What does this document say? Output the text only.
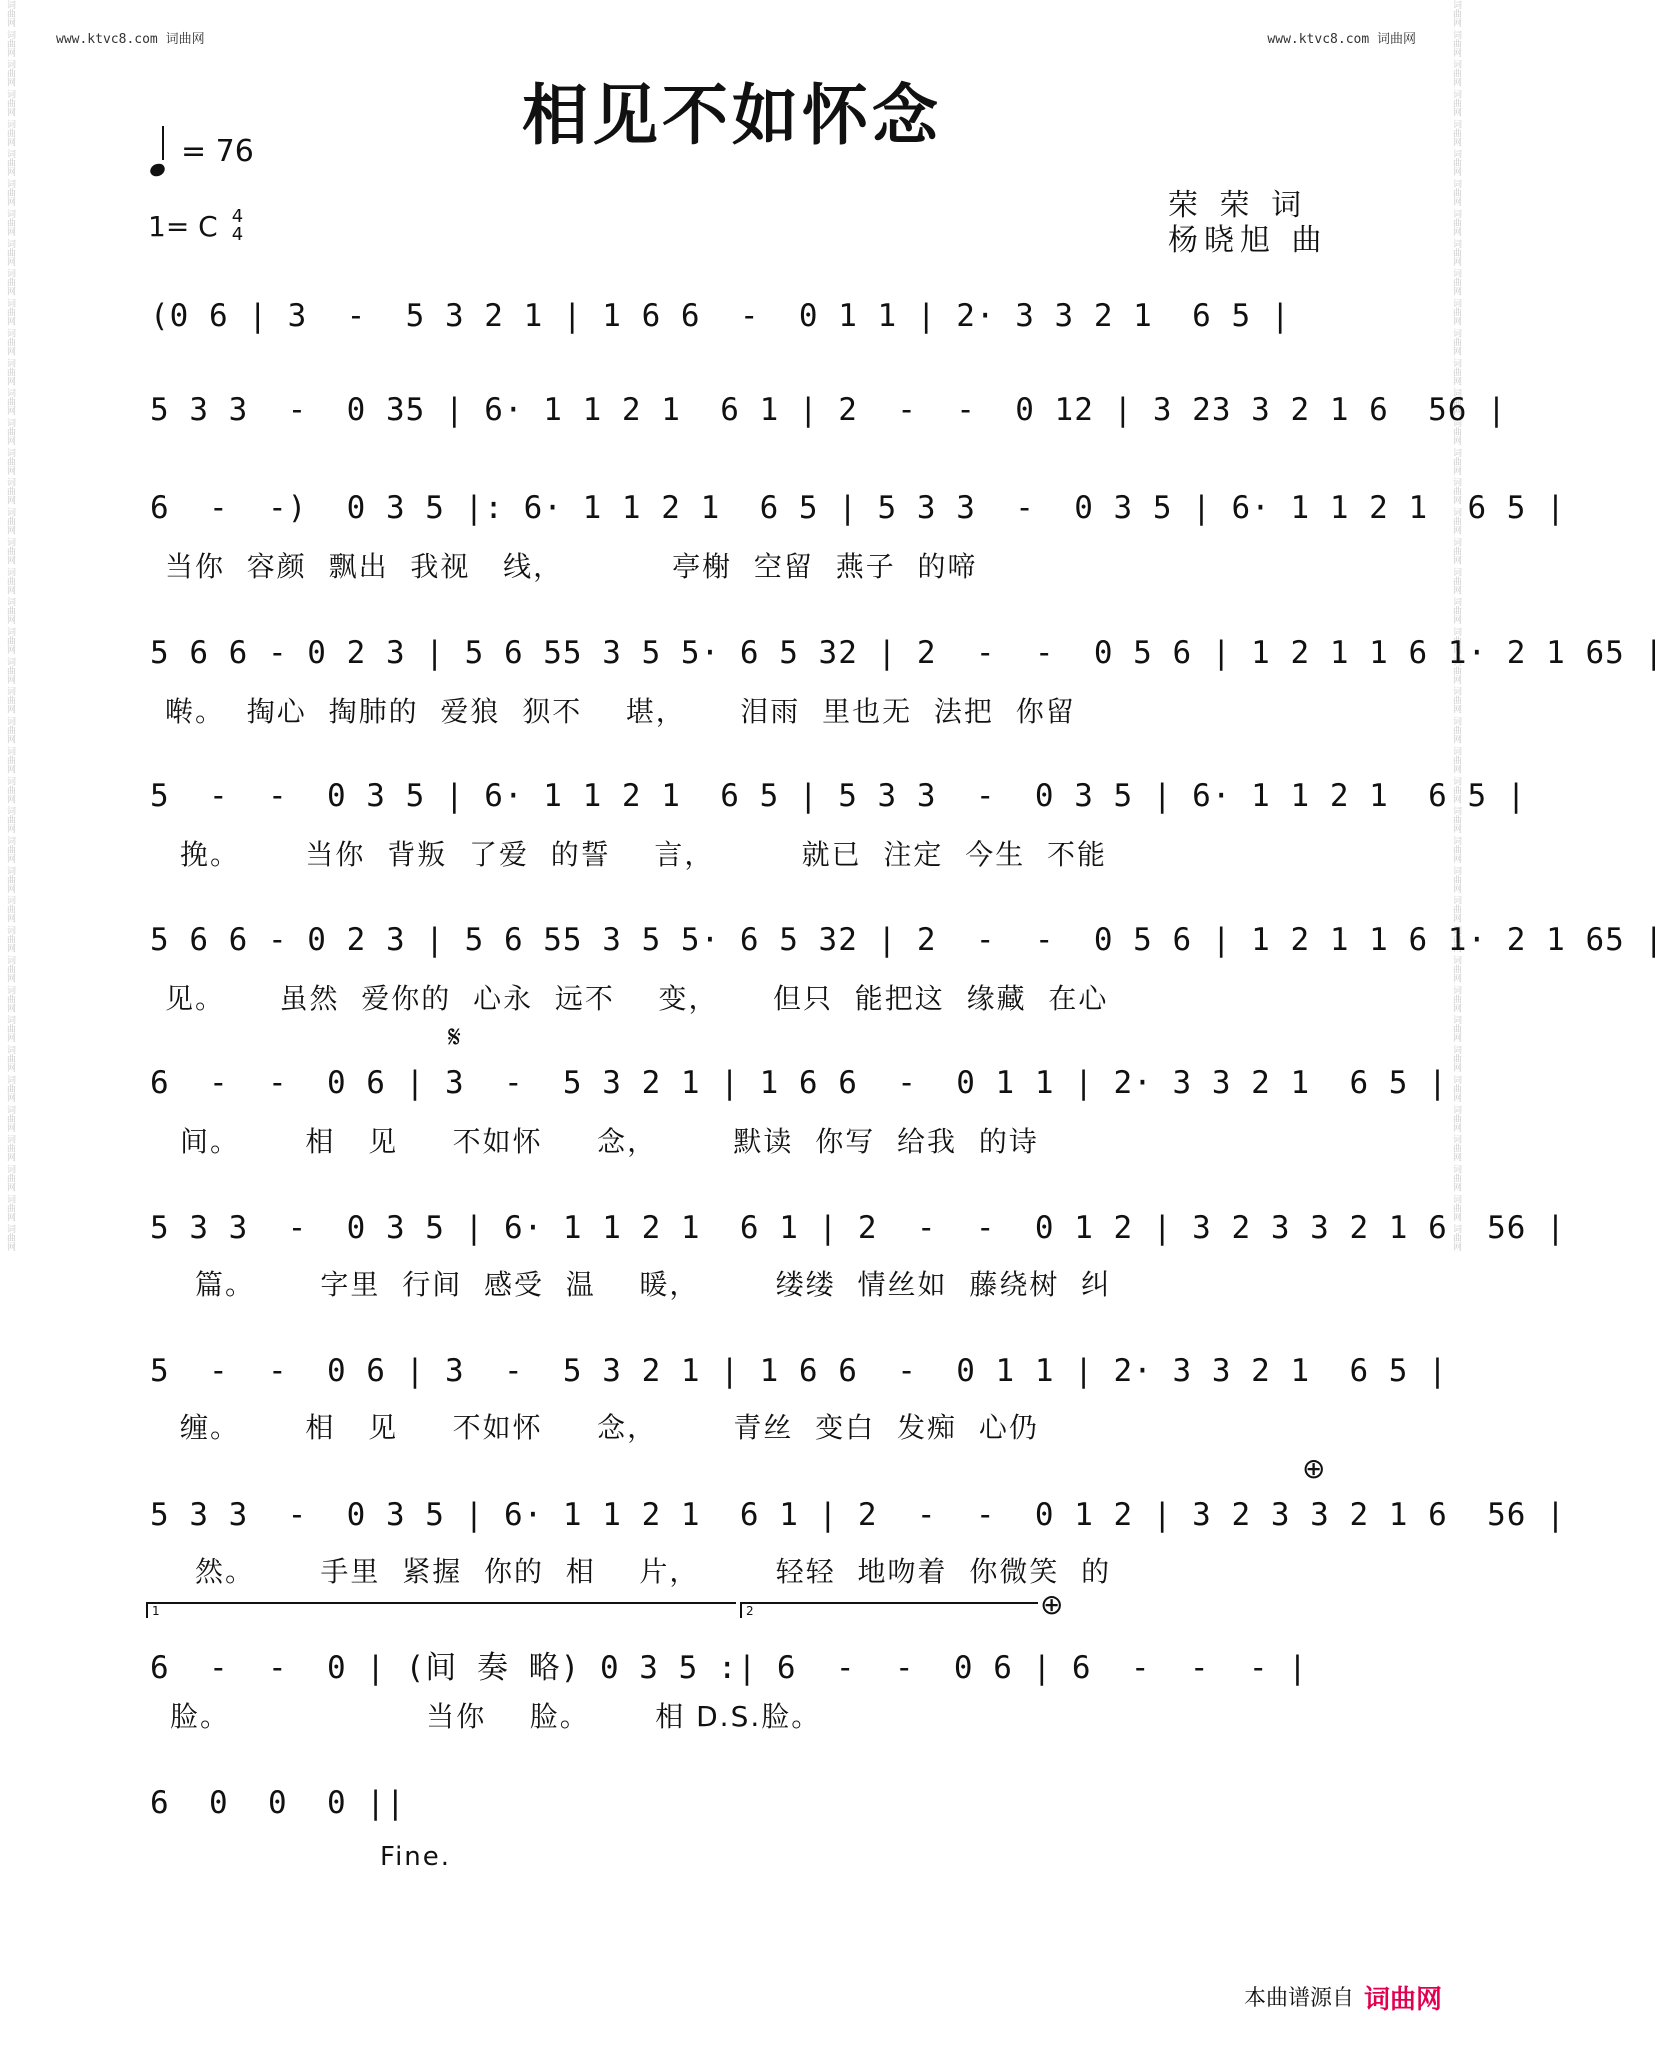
www.ktvc8.com 词曲网	www.ktvc8.com 词曲网
词曲网 词曲网 词曲网 词曲网 词曲网 词曲网 词曲网 词曲网 词曲网 词曲网 词曲网 词曲网 词曲网 词曲网 词曲网 词曲网 词曲网 词曲网 词曲网 词曲网 词曲网 词曲网 词曲网 词曲网 词曲网 词曲网 词曲网 词曲网 词曲网 词曲网 词曲网 词曲网 词曲网 词曲网 词曲网 词曲网 词曲网 词曲网 词曲网 词曲网 词曲网 词曲网	词曲网 词曲网 词曲网 词曲网 词曲网 词曲网 词曲网 词曲网 词曲网 词曲网 词曲网 词曲网 词曲网 词曲网 词曲网 词曲网 词曲网 词曲网 词曲网 词曲网 词曲网 词曲网 词曲网 词曲网 词曲网 词曲网 词曲网 词曲网 词曲网 词曲网 词曲网 词曲网 词曲网 词曲网 词曲网 词曲网 词曲网 词曲网 词曲网 词曲网 词曲网 词曲网
相见不如怀念
= 76
1= C 4
4
荣 荣 词
杨晓旭 曲
(0 6 | 3  -  5 3 2 1 | 1 6 6  -  0 1 1 | 2· 3 3 2 1  6 5 |
5 3 3  -  0 35 | 6· 1 1 2 1  6 1 | 2  -  -  0 12 | 3 23 3 2 1 6  56 |
6  -  -)  0 3 5 |: 6· 1 1 2 1  6 5 | 5 3 3  -  0 3 5 | 6· 1 1 2 1  6 5 |
当你  容颜  飘出  我视   线，          亭榭  空留  燕子  的啼
5 6 6 - 0 2 3 | 5 6 55 3 5 5· 6 5 32 | 2  -  -  0 5 6 | 1 2 1 1 6 1· 2 1 65 |
啭。  掏心  掏肺的  爱狼  狈不    堪，     泪雨  里也无  法把  你留
5  -  -  0 3 5 | 6· 1 1 2 1  6 5 | 5 3 3  -  0 3 5 | 6· 1 1 2 1  6 5 |
挽。      当你  背叛  了爱  的誓    言，        就已  注定  今生  不能
5 6 6 - 0 2 3 | 5 6 55 3 5 5· 6 5 32 | 2  -  -  0 5 6 | 1 2 1 1 6 1· 2 1 65 |
见。     虽然  爱你的  心永  远不    变，     但只  能把这  缘藏  在心
𝄋
6  -  -  0 6 | 3  -  5 3 2 1 | 1 6 6  -  0 1 1 | 2· 3 3 2 1  6 5 |
间。      相   见     不如怀     念，       默读  你写  给我  的诗
5 3 3  -  0 3 5 | 6· 1 1 2 1  6 1 | 2  -  -  0 1 2 | 3 2 3 3 2 1 6  56 |
篇。      字里  行间  感受  温    暖，       缕缕  情丝如  藤绕树  纠
5  -  -  0 6 | 3  -  5 3 2 1 | 1 6 6  -  0 1 1 | 2· 3 3 2 1  6 5 |
缠。      相   见     不如怀     念，       青丝  变白  发痴  心仍
⊕
5 3 3  -  0 3 5 | 6· 1 1 2 1  6 1 | 2  -  -  0 1 2 | 3 2 3 3 2 1 6  56 |
然。      手里  紧握  你的  相    片，       轻轻  地吻着  你微笑  的
1	2	⊕
6  -  -  0 | (间 奏 略) 0 3 5 :| 6  -  -  0 6 | 6  -  -  - |
脸。                  当你    脸。      相 D.S.脸。
6  0  0  0 ||
Fine.
本曲谱源自 词曲网
